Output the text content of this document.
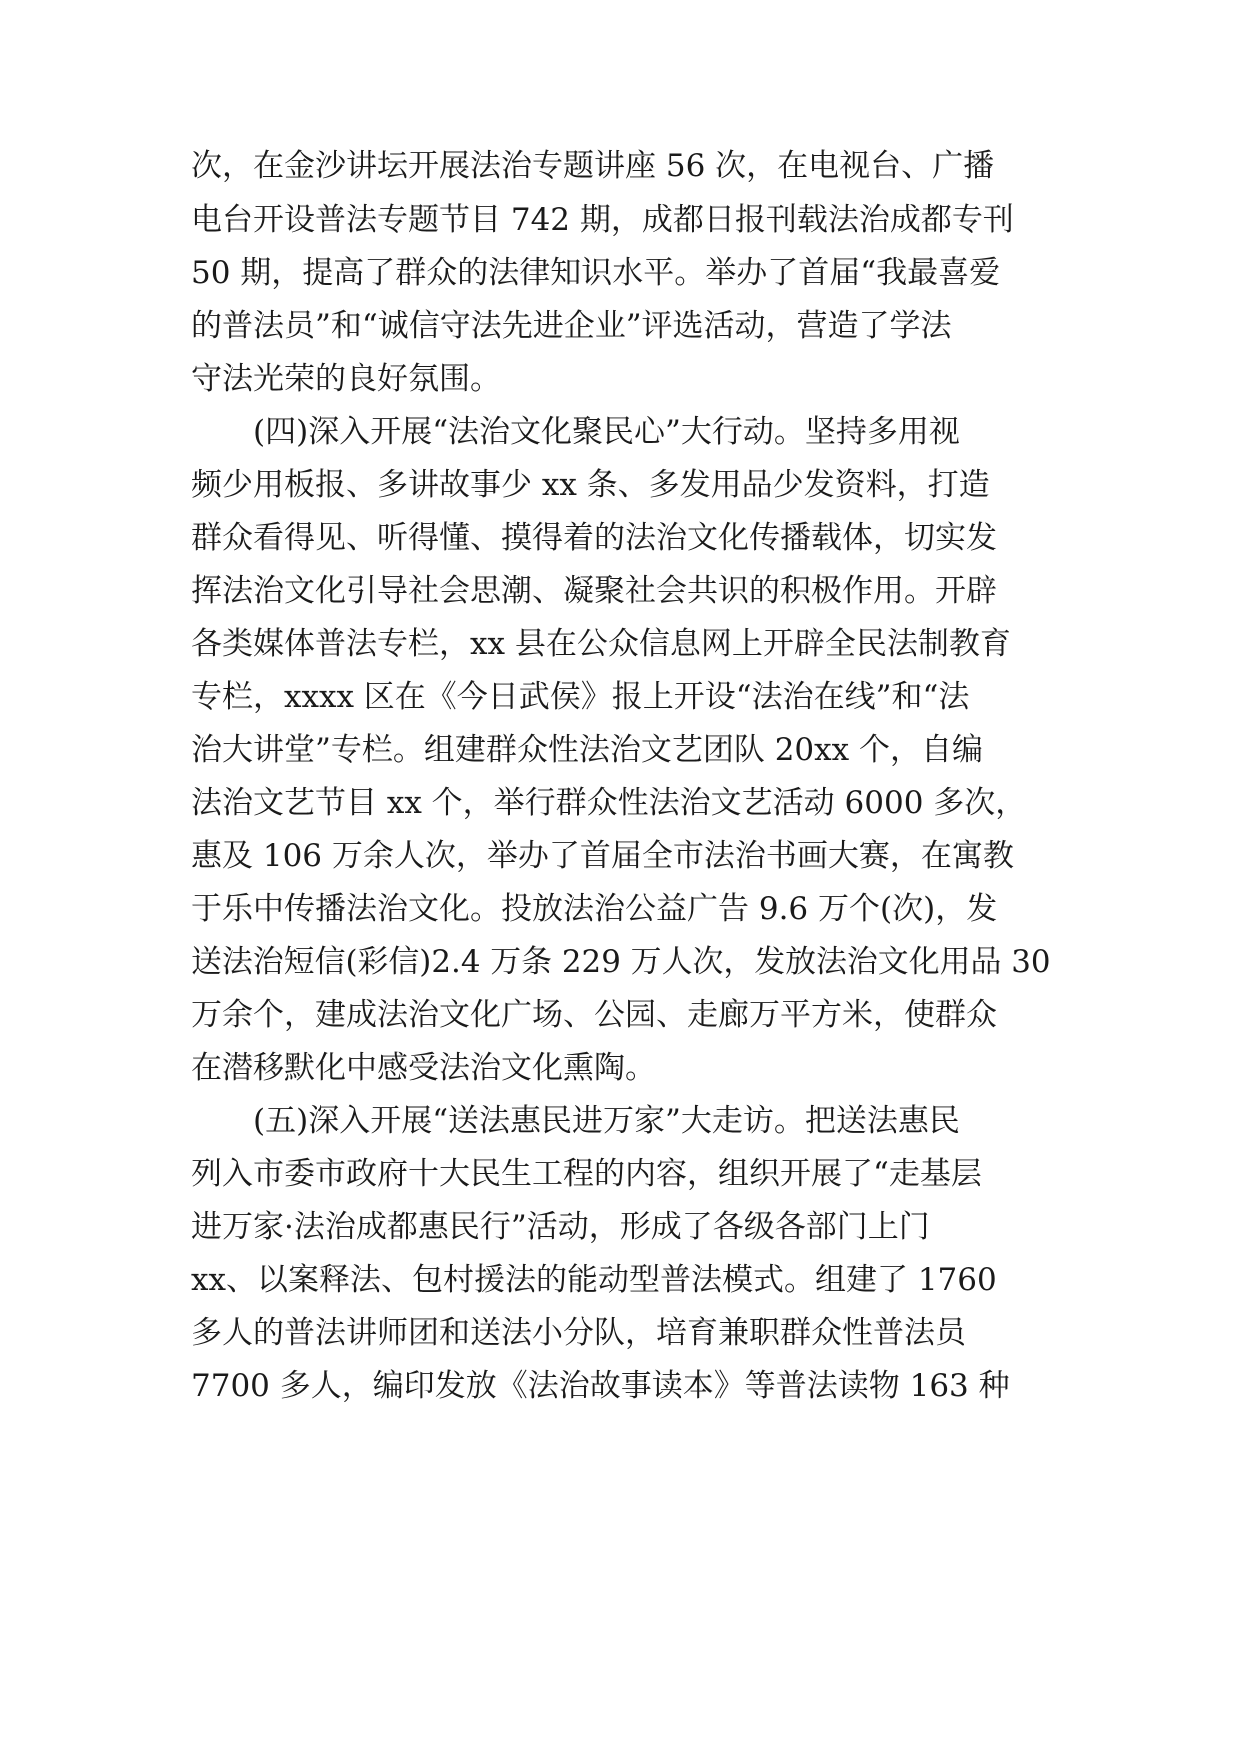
次，在金沙讲坛开展法治专题讲座 56 次，在电视台、广播
电台开设普法专题节目 742 期，成都日报刊载法治成都专刊
50 期，提高了群众的法律知识水平。举办了首届“我最喜爱
的普法员”和“诚信守法先进企业”评选活动，营造了学法
守法光荣的良好氛围。
　　(四)深入开展“法治文化聚民心”大行动。坚持多用视
频少用板报、多讲故事少 xx 条、多发用品少发资料，打造
群众看得见、听得懂、摸得着的法治文化传播载体，切实发
挥法治文化引导社会思潮、凝聚社会共识的积极作用。开辟
各类媒体普法专栏，xx 县在公众信息网上开辟全民法制教育
专栏，xxxx 区在《今日武侯》报上开设“法治在线”和“法
治大讲堂”专栏。组建群众性法治文艺团队 20xx 个，自编
法治文艺节目 xx 个，举行群众性法治文艺活动 6000 多次，
惠及 106 万余人次，举办了首届全市法治书画大赛，在寓教
于乐中传播法治文化。投放法治公益广告 9.6 万个(次)，发
送法治短信(彩信)2.4 万条 229 万人次，发放法治文化用品 30
万余个，建成法治文化广场、公园、走廊万平方米，使群众
在潜移默化中感受法治文化熏陶。
　　(五)深入开展“送法惠民进万家”大走访。把送法惠民
列入市委市政府十大民生工程的内容，组织开展了“走基层
进万家·法治成都惠民行”活动，形成了各级各部门上门
xx、以案释法、包村援法的能动型普法模式。组建了 1760
多人的普法讲师团和送法小分队，培育兼职群众性普法员
7700 多人，编印发放《法治故事读本》等普法读物 163 种
